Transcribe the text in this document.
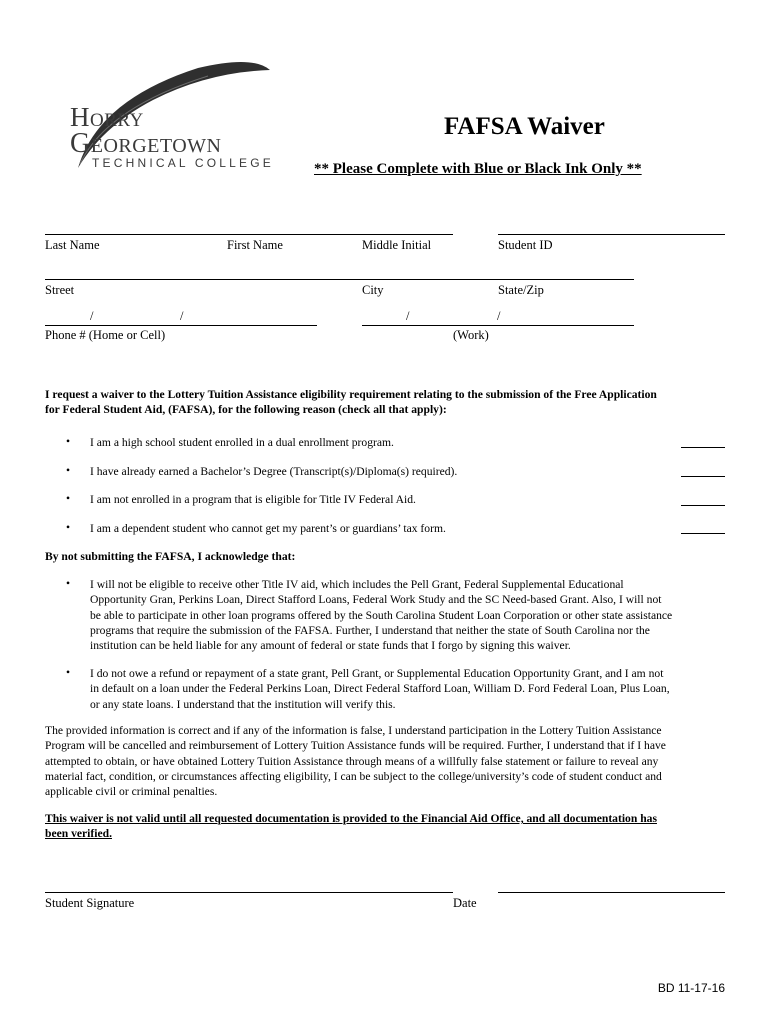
Horry
Georgetown
TECHNICAL COLLEGE
FAFSA Waiver
** Please Complete with Blue or Black Ink Only **
Last Name	First Name	Middle Initial	Student ID
Street	City	State/Zip
/	/	/	/
Phone # (Home or Cell)	(Work)
I request a waiver to the Lottery Tuition Assistance eligibility requirement relating to the submission of the Free Application
for Federal Student Aid, (FAFSA), for the following reason (check all that apply):
• I am a high school student enrolled in a dual enrollment program.
• I have already earned a Bachelor’s Degree (Transcript(s)/Diploma(s) required).
• I am not enrolled in a program that is eligible for Title IV Federal Aid.
• I am a dependent student who cannot get my parent’s or guardians’ tax form.
By not submitting the FAFSA, I acknowledge that:
• I will not be eligible to receive other Title IV aid, which includes the Pell Grant, Federal Supplemental Educational
Opportunity Gran, Perkins Loan, Direct Stafford Loans, Federal Work Study and the SC Need-based Grant. Also, I will not
be able to participate in other loan programs offered by the South Carolina Student Loan Corporation or other state assistance
programs that require the submission of the FAFSA. Further, I understand that neither the state of South Carolina nor the
institution can be held liable for any amount of federal or state funds that I forgo by signing this waiver.
• I do not owe a refund or repayment of a state grant, Pell Grant, or Supplemental Education Opportunity Grant, and I am not
in default on a loan under the Federal Perkins Loan, Direct Federal Stafford Loan, William D. Ford Federal Loan, Plus Loan,
or any state loans. I understand that the institution will verify this.
The provided information is correct and if any of the information is false, I understand participation in the Lottery Tuition Assistance
Program will be cancelled and reimbursement of Lottery Tuition Assistance funds will be required. Further, I understand that if I have
attempted to obtain, or have obtained Lottery Tuition Assistance through means of a willfully false statement or failure to reveal any
material fact, condition, or circumstances affecting eligibility, I can be subject to the college/university’s code of student conduct and
applicable civil or criminal penalties.
This waiver is not valid until all requested documentation is provided to the Financial Aid Office, and all documentation has
been verified.
Student Signature	Date
BD 11-17-16
